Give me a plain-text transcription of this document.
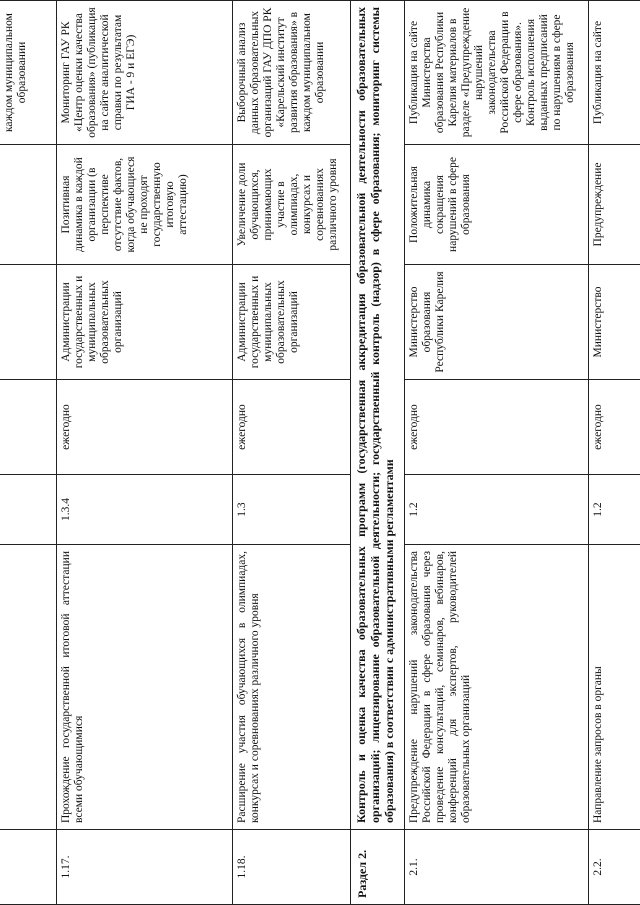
каждом муниципальном образовании
1.17.
Прохождение государственной итоговой аттестации всеми обучающимися
1.3.4
ежегодно
Администрации государственных и муниципальных образовательных организаций
Позитивная динамика в каждой организации (в перспективе отсутствие фактов, когда обучающиеся не проходят государственную итоговую аттестацию)
Мониторинг ГАУ РК «Центр оценки качества образования» (публикация на сайте аналитической справки по результатам ГИА - 9 и ЕГЭ)
1.18.
Расширение участия обучающихся в олимпиадах, конкурсах и соревнованиях различного уровня
1.3
ежегодно
Администрации государственных и муниципальных образовательных организаций
Увеличение доли обучающихся, принимающих участие в олимпиадах, конкурсах и соревнованиях различного уровня
Выборочный анализ данных образовательных организаций ГАУ ДПО РК «Карельский институт развития образования» в каждом муниципальном образовании
Раздел 2.
Контроль и оценка качества образовательных программ (государственная аккредитация образовательной деятельности образовательных организаций; лицензирование образовательной деятельности; государственный контроль (надзор) в сфере образования; мониторинг системы образования) в соответствии с административными регламентами
2.1.
Предупреждение нарушений законодательства Российской Федерации в сфере образования через проведение консультаций, семинаров, вебинаров, конференций для экспертов, руководителей образовательных организаций
1.2
ежегодно
Министерство образования Республики Карелия
Положительная динамика сокращения нарушений в сфере образования
Публикация на сайте Министерства образования Республики Карелия материалов в разделе «Предупреждение нарушений законодательства Российской Федерации в сфере образования». Контроль исполнения выданных предписаний по нарушениям в сфере образования
2.2.
Направление запросов в органы
1.2
ежегодно
Министерство
Предупреждение
Публикация на сайте
